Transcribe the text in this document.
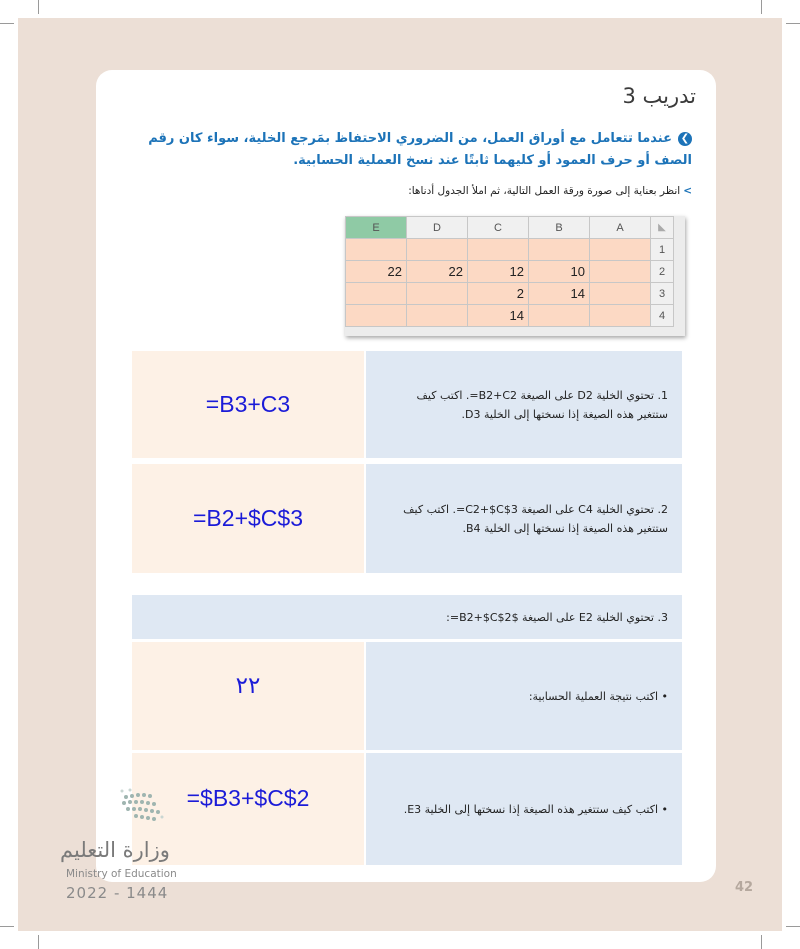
تدريب 3
❯عندما تتعامل مع أوراق العمل، من الضروري الاحتفاظ بمَرجع الخلية، سواء كان رقم الصف أو حرف العمود أو كليهما ثابتًا عند نسخ العملية الحسابية.
>انظر بعناية إلى صورة ورقة العمل التالية، ثم املأ الجدول أدناها:
E	D	C	B	A	◣
					1
22	22	12	10		2
		2	14		3
		14			4
=B3+C3	1. تحتوي الخلية D2 على الصيغة B2+C2=. اكتب كيف
ستتغير هذه الصيغة إذا نسختها إلى الخلية D3.
=B2+$C$3	2. تحتوي الخلية C4 على الصيغة C2+$C$3=. اكتب كيف
ستتغير هذه الصيغة إذا نسختها إلى الخلية B4.
3. تحتوي الخلية E2 على الصيغة $B2+$C$2=:
٢٢	• اكتب نتيجة العملية الحسابية:
=$B3+$C$2	• اكتب كيف ستتغير هذه الصيغة إذا نسختها إلى الخلية E3.
وزارة التعليم
Ministry of Education
2022 - 1444	42
